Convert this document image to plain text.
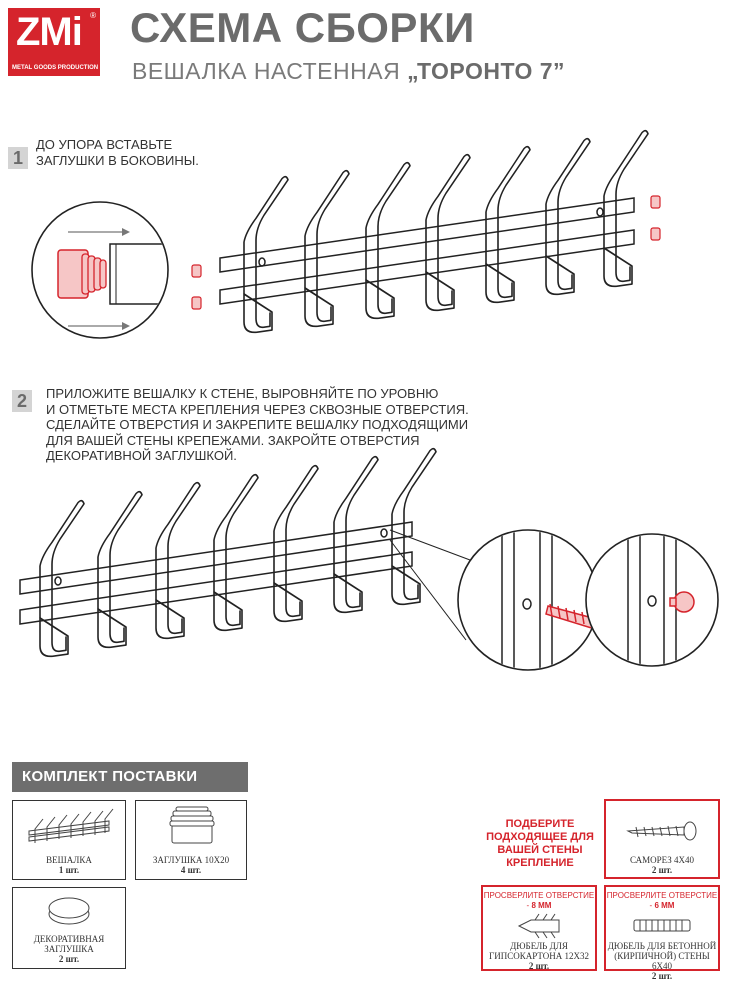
ZMi ®
METAL GOODS PRODUCTION
СХЕМА СБОРКИ
ВЕШАЛКА НАСТЕННАЯ „ТОРОНТО 7”
1
ДО УПОРА ВСТАВЬТЕ
ЗАГЛУШКИ В БОКОВИНЫ.
2	ПРИЛОЖИТЕ ВЕШАЛКУ К СТЕНЕ, ВЫРОВНЯЙТЕ ПО УРОВНЮ
И ОТМЕТЬТЕ МЕСТА КРЕПЛЕНИЯ ЧЕРЕЗ СКВОЗНЫЕ ОТВЕРСТИЯ.
СДЕЛАЙТЕ ОТВЕРСТИЯ И ЗАКРЕПИТЕ ВЕШАЛКУ ПОДХОДЯЩИМИ
ДЛЯ ВАШЕЙ СТЕНЫ КРЕПЕЖАМИ. ЗАКРОЙТЕ ОТВЕРСТИЯ
ДЕКОРАТИВНОЙ ЗАГЛУШКОЙ.
КОМПЛЕКТ ПОСТАВКИ
ВЕШАЛКА
1 шт.
ЗАГЛУШКА 10X20
4 шт.
ДЕКОРАТИВНАЯ
ЗАГЛУШКА
2 шт.
ПОДБЕРИТЕ ПОДХОДЯЩЕЕ ДЛЯ ВАШЕЙ СТЕНЫ КРЕПЛЕНИЕ	САМОРЕЗ 4X40
2 шт.
ПРОСВЕРЛИТЕ ОТВЕРСТИЕ - 8 ММ
ДЮБЕЛЬ ДЛЯ
ГИПСОКАРТОНА 12X32
2 шт.
ПРОСВЕРЛИТЕ ОТВЕРСТИЕ - 6 ММ
ДЮБЕЛЬ ДЛЯ БЕТОННОЙ
(КИРПИЧНОЙ) СТЕНЫ 6X40
2 шт.
